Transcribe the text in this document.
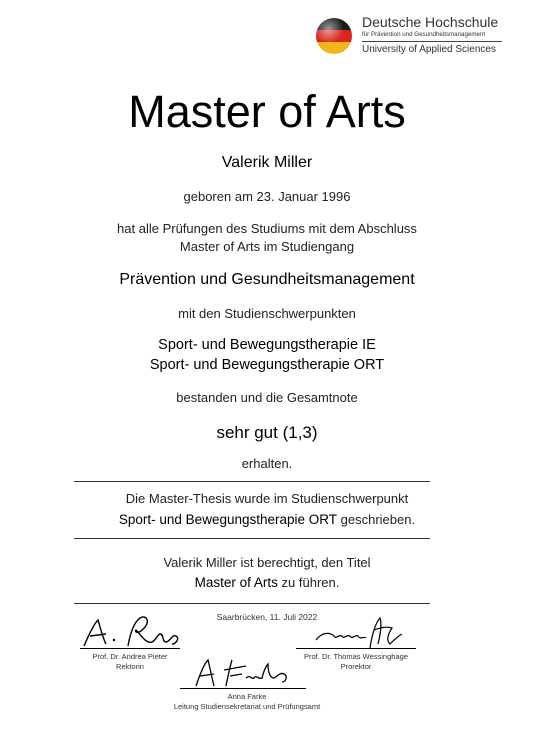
Deutsche Hochschule
für Prävention und Gesundheitsmanagement
University of Applied Sciences
Master of Arts
Valerik Miller
geboren am 23. Januar 1996
hat alle Prüfungen des Studiums mit dem Abschluss
Master of Arts im Studiengang
Prävention und Gesundheitsmanagement
mit den Studienschwerpunkten
Sport- und Bewegungstherapie IE
Sport- und Bewegungstherapie ORT
bestanden und die Gesamtnote
sehr gut (1,3)
erhalten.
Die Master-Thesis wurde im Studienschwerpunkt
Sport- und Bewegungstherapie ORT geschrieben.
Valerik Miller ist berechtigt, den Titel
Master of Arts zu führen.
Saarbrücken, 11. Juli 2022
Prof. Dr. Andrea Pieter
Rektorin
Prof. Dr. Thomas Wessinghage
Prorektor
Anna Farke
Leitung Studiensekretariat und Prüfungsamt
